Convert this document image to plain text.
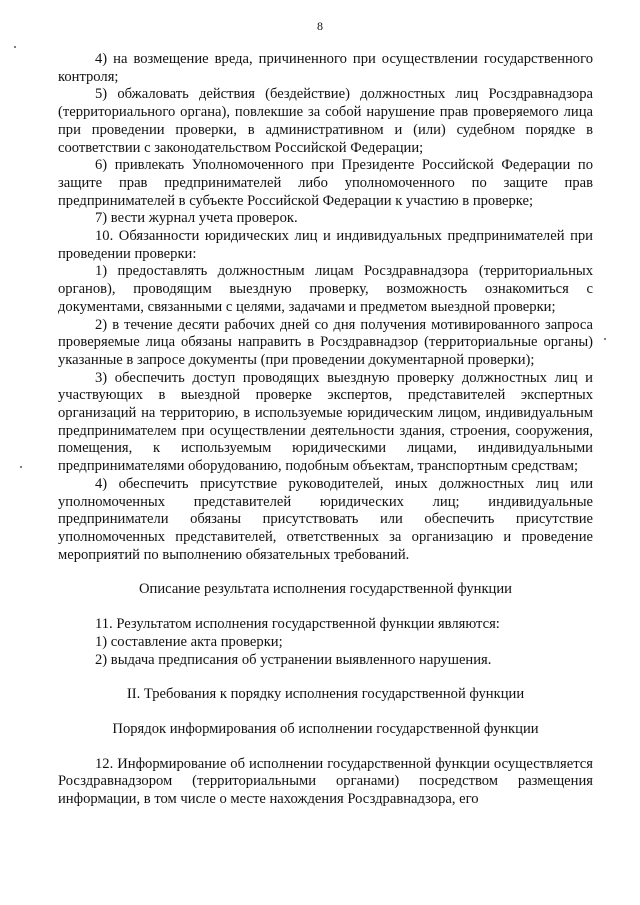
8

4) на возмещение вреда, причиненного при осуществлении государственного контроля;

5) обжаловать действия (бездействие) должностных лиц Росздравнадзора (территориального органа), повлекшие за собой нарушение прав проверяемого лица при проведении проверки, в административном и (или) судебном порядке в соответствии с законодательством Российской Федерации;

6) привлекать Уполномоченного при Президенте Российской Федерации по защите прав предпринимателей либо уполномоченного по защите прав предпринимателей в субъекте Российской Федерации к участию в проверке;

7) вести журнал учета проверок.

10. Обязанности юридических лиц и индивидуальных предпринимателей при проведении проверки:

1) предоставлять должностным лицам Росздравнадзора (территориальных органов), проводящим выездную проверку, возможность ознакомиться с документами, связанными с целями, задачами и предметом выездной проверки;

2) в течение десяти рабочих дней со дня получения мотивированного запроса проверяемые лица обязаны направить в Росздравнадзор (территориальные органы) указанные в запросе документы (при проведении документарной проверки);

3) обеспечить доступ проводящих выездную проверку должностных лиц и участвующих в выездной проверке экспертов, представителей экспертных организаций на территорию, в используемые юридическим лицом, индивидуальным предпринимателем при осуществлении деятельности здания, строения, сооружения, помещения, к используемым юридическими лицами, индивидуальными предпринимателями оборудованию, подобным объектам, транспортным средствам;

4) обеспечить присутствие руководителей, иных должностных лиц или уполномоченных представителей юридических лиц; индивидуальные предприниматели обязаны присутствовать или обеспечить присутствие уполномоченных представителей, ответственных за организацию и проведение мероприятий по выполнению обязательных требований.

Описание результата исполнения государственной функции

11. Результатом исполнения государственной функции являются:

1) составление акта проверки;

2) выдача предписания об устранении выявленного нарушения.

II. Требования к порядку исполнения государственной функции

Порядок информирования об исполнении государственной функции

12. Информирование об исполнении государственной функции осуществляется Росздравнадзором (территориальными органами) посредством размещения информации, в том числе о месте нахождения Росздравнадзора, его
